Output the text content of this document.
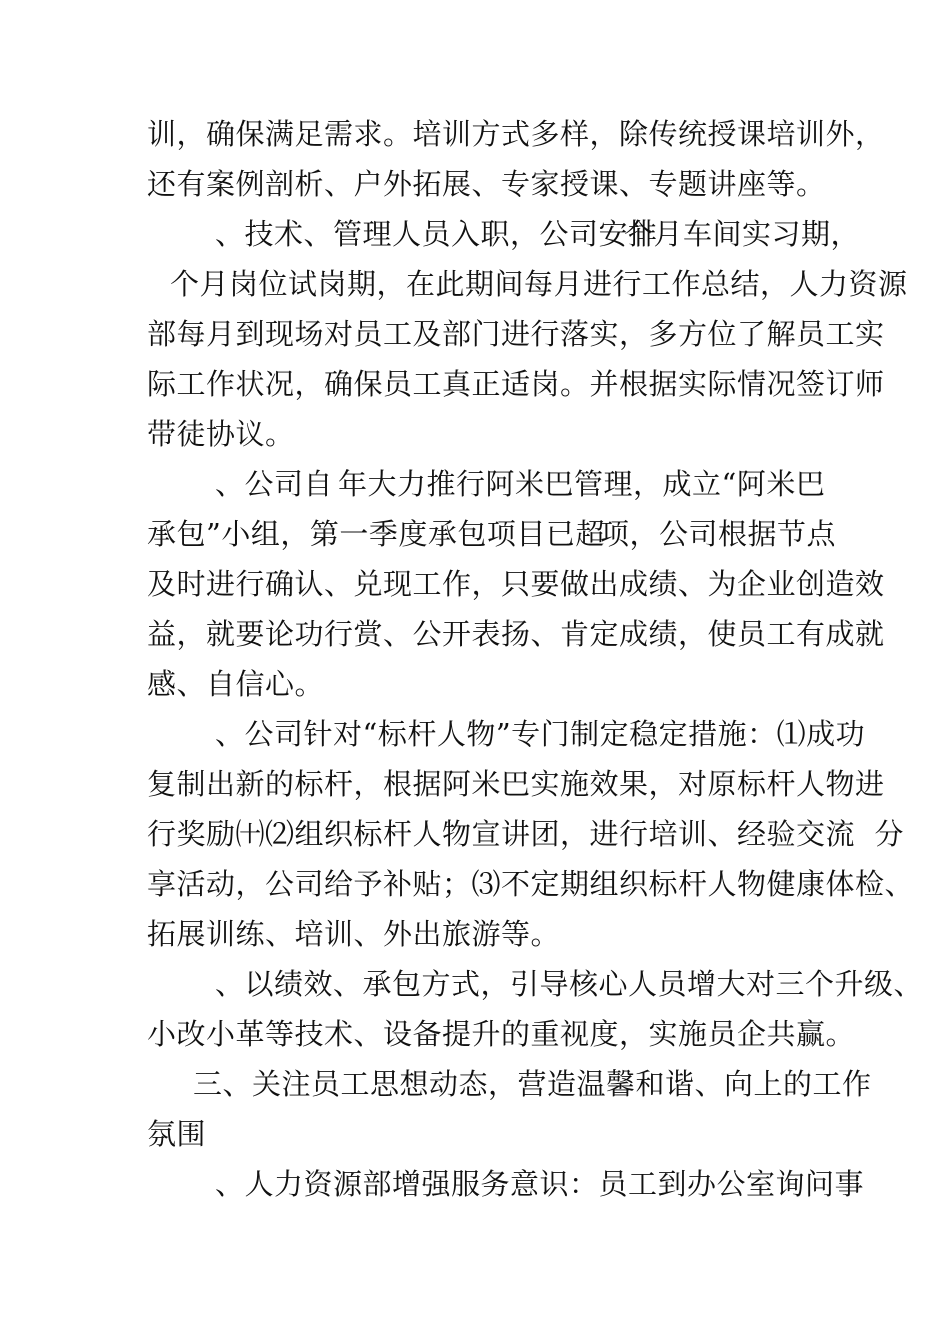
训，确保满足需求。培训方式多样，除传统授课培训外，
还有案例剖析、户外拓展、专家授课、专题讲座等。
、技术、管理人员入职，公司安排
个月车间实习期，
个月岗位试岗期，在此期间每月进行工作总结，人力资源
部每月到现场对员工及部门进行落实，多方位了解员工实
际工作状况，确保员工真正适岗。并根据实际情况签订师
带徒协议。
、公司自 年大力推行阿米巴管理，成立“阿米巴
承包”小组，第一季度承包项目已超
项，公司根据节点
及时进行确认、兑现工作，只要做出成绩、为企业创造效
益，就要论功行赏、公开表扬、肯定成绩，使员工有成就
感、自信心。
、公司针对“标杆人物”专门制定稳定措施：⑴成功
复制出新的标杆，根据阿米巴实施效果，对原标杆人物进
行奖励㈩⑵组织标杆人物宣讲团，进行培训、经验交流  分
享活动，公司给予补贴；⑶不定期组织标杆人物健康体检、
拓展训练、培训、外出旅游等。
、以绩效、承包方式，引导核心人员增大对三个升级、
小改小革等技术、设备提升的重视度，实施员企共赢。
三、关注员工思想动态，营造温馨和谐、向上的工作
氛围
、人力资源部增强服务意识：员工到办公室询问事
